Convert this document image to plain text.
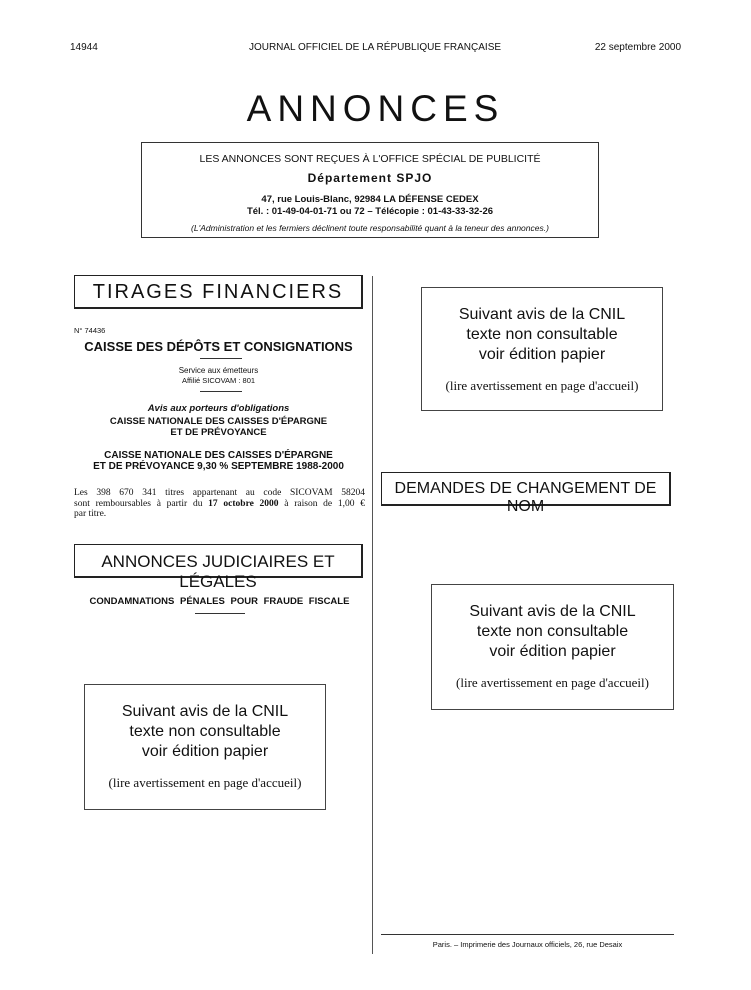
14944	JOURNAL OFFICIEL DE LA RÉPUBLIQUE FRANÇAISE	22 septembre 2000
ANNONCES
LES ANNONCES SONT REÇUES À L'OFFICE SPÉCIAL DE PUBLICITÉ
Département SPJO
47, rue Louis-Blanc, 92984 LA DÉFENSE CEDEX
Tél. : 01-49-04-01-71 ou 72 – Télécopie : 01-43-33-32-26
(L'Administration et les fermiers déclinent toute responsabilité quant à la teneur des annonces.)
TIRAGES FINANCIERS
N° 74436
CAISSE DES DÉPÔTS ET CONSIGNATIONS
Service aux émetteurs
Affilié SICOVAM : 801
Avis aux porteurs d'obligations
CAISSE NATIONALE DES CAISSES D'ÉPARGNE
ET DE PRÉVOYANCE
CAISSE NATIONALE DES CAISSES D'ÉPARGNE
ET DE PRÉVOYANCE 9,30 % SEPTEMBRE 1988-2000
Les 398 670 341 titres appartenant au code SICOVAM 58204
sont remboursables à partir du 17 octobre 2000 à raison de 1,00 €
par titre.
ANNONCES JUDICIAIRES ET LÉGALES
CONDAMNATIONS PÉNALES POUR FRAUDE FISCALE
Suivant avis de la CNIL
texte non consultable
voir édition papier
(lire avertissement en page d'accueil)
Suivant avis de la CNIL
texte non consultable
voir édition papier
(lire avertissement en page d'accueil)
DEMANDES DE CHANGEMENT DE NOM
Suivant avis de la CNIL
texte non consultable
voir édition papier
(lire avertissement en page d'accueil)
Paris. – Imprimerie des Journaux officiels, 26, rue Desaix
